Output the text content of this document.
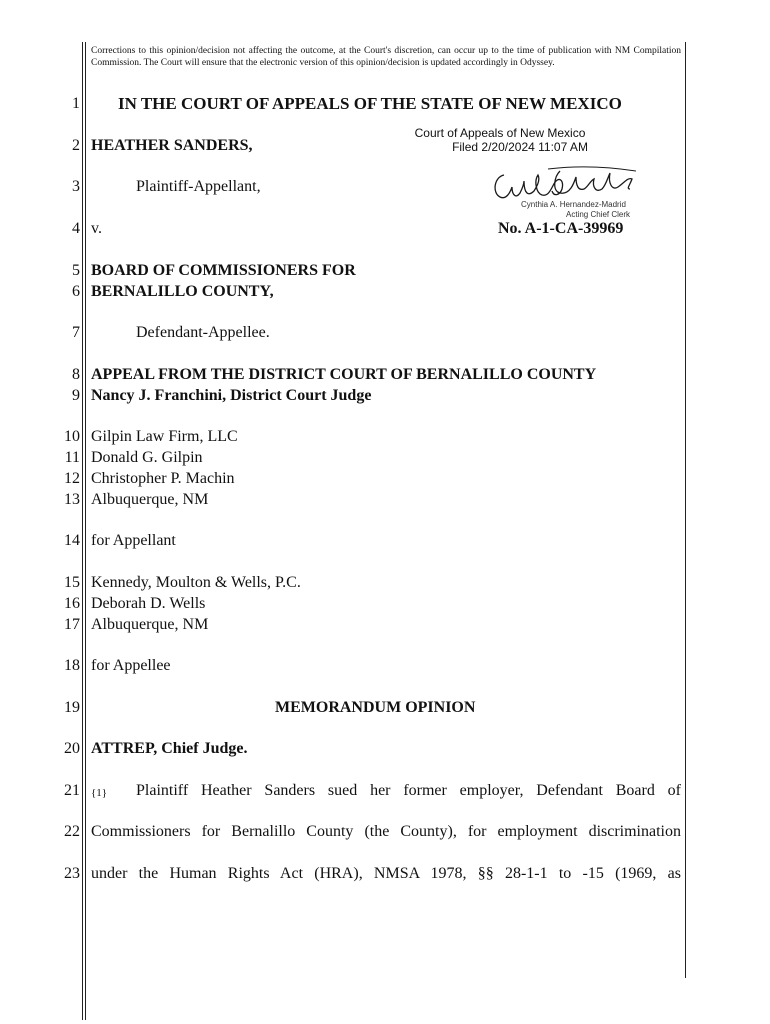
Corrections to this opinion/decision not affecting the outcome, at the Court's discretion, can occur up to the time of publication with NM Compilation Commission. The Court will ensure that the electronic version of this opinion/decision is updated accordingly in Odyssey.
1
2
3
4
5
6
7
8
9
10
11
12
13
14
15
16
17
18
19
20
21
22
23
IN THE COURT OF APPEALS OF THE STATE OF NEW MEXICO
HEATHER SANDERS,
Plaintiff-Appellant,
v.	No. A-1-CA-39969
BOARD OF COMMISSIONERS FOR
BERNALILLO COUNTY,
Defendant-Appellee.
APPEAL FROM THE DISTRICT COURT OF BERNALILLO COUNTY
Nancy J. Franchini, District Court Judge
Gilpin Law Firm, LLC
Donald G. Gilpin
Christopher P. Machin
Albuquerque, NM
for Appellant
Kennedy, Moulton & Wells, P.C.
Deborah D. Wells
Albuquerque, NM
for Appellee
MEMORANDUM OPINION
ATTREP, Chief Judge.
{1} Plaintiff Heather Sanders sued her former employer, Defendant Board of
Commissioners for Bernalillo County (the County), for employment discrimination
under the Human Rights Act (HRA), NMSA 1978, §§ 28-1-1 to -15 (1969, as
Court of Appeals of New Mexico
Filed 2/20/2024 11:07 AM
Cynthia A. Hernandez-Madrid
Acting Chief Clerk
